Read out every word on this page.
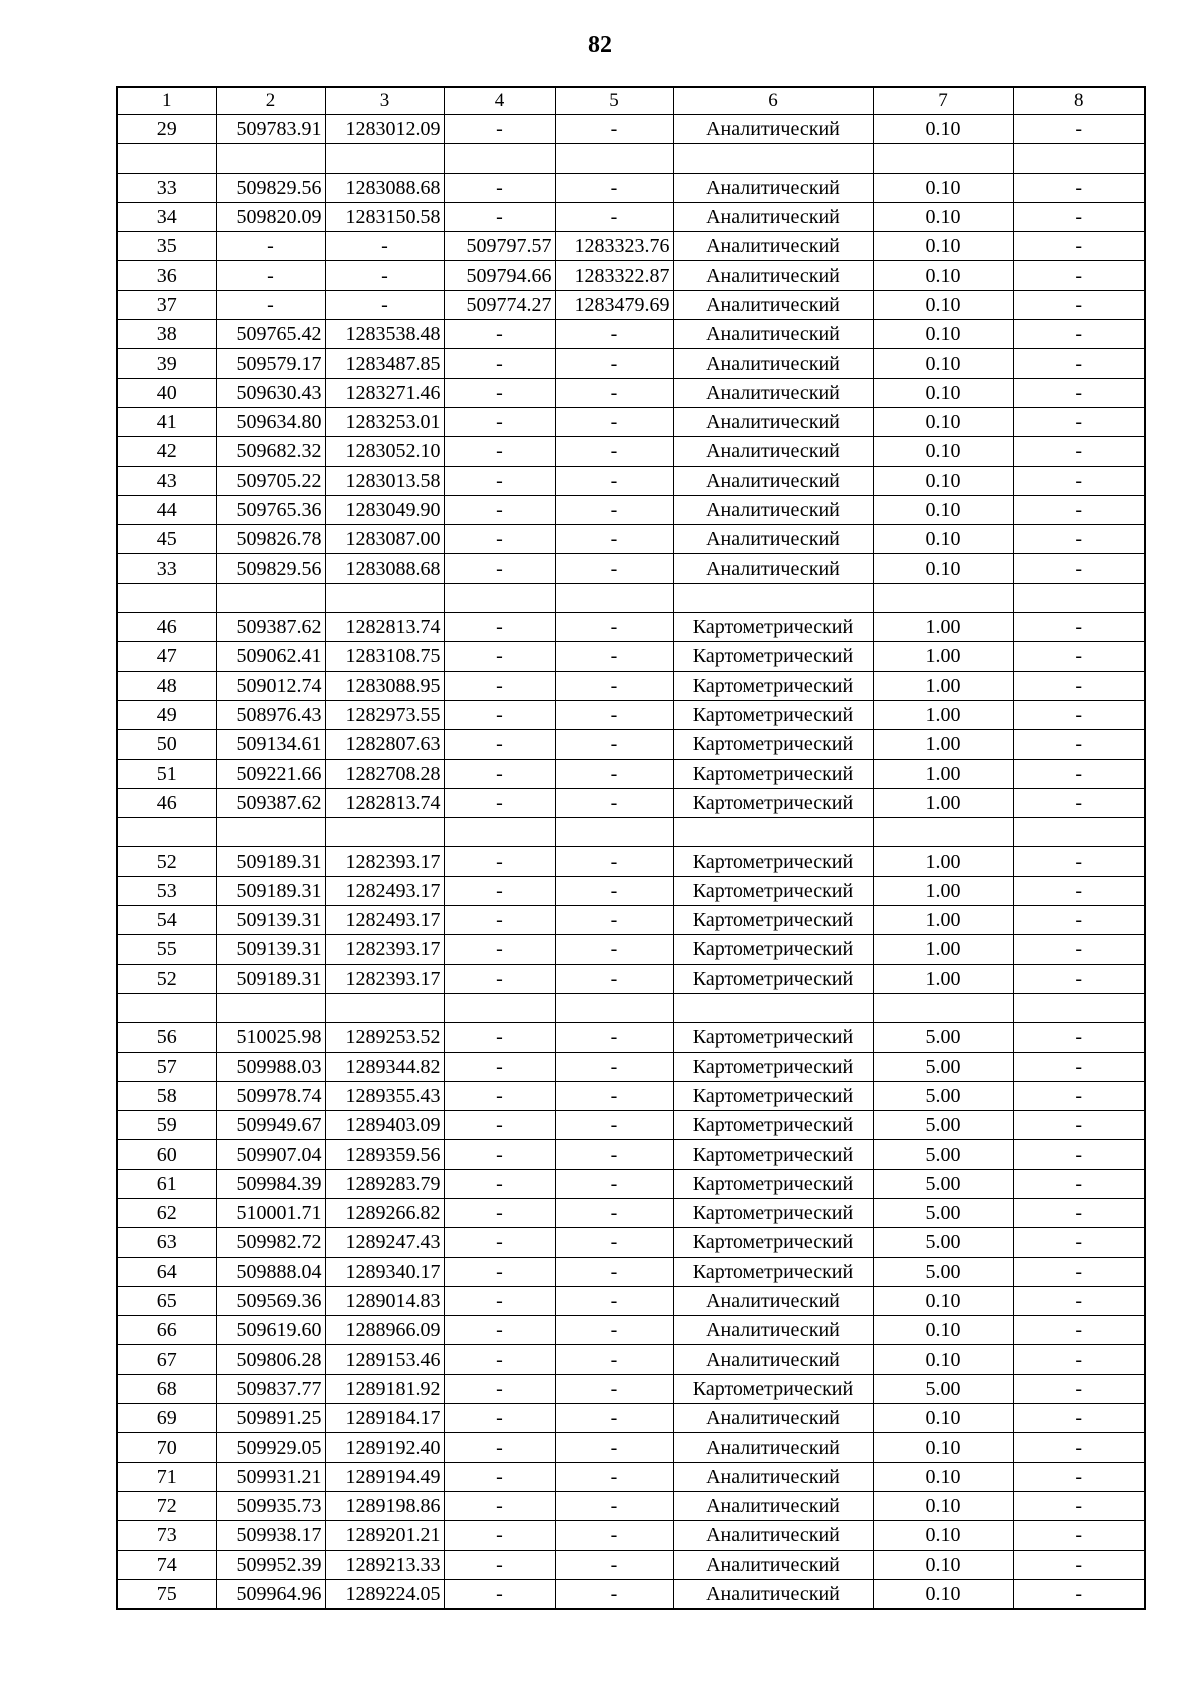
82
1	2	3	4	5	6	7	8
29	509783.91	1283012.09	-	-	Аналитический	0.10	-

33	509829.56	1283088.68	-	-	Аналитический	0.10	-
34	509820.09	1283150.58	-	-	Аналитический	0.10	-
35	-	-	509797.57	1283323.76	Аналитический	0.10	-
36	-	-	509794.66	1283322.87	Аналитический	0.10	-
37	-	-	509774.27	1283479.69	Аналитический	0.10	-
38	509765.42	1283538.48	-	-	Аналитический	0.10	-
39	509579.17	1283487.85	-	-	Аналитический	0.10	-
40	509630.43	1283271.46	-	-	Аналитический	0.10	-
41	509634.80	1283253.01	-	-	Аналитический	0.10	-
42	509682.32	1283052.10	-	-	Аналитический	0.10	-
43	509705.22	1283013.58	-	-	Аналитический	0.10	-
44	509765.36	1283049.90	-	-	Аналитический	0.10	-
45	509826.78	1283087.00	-	-	Аналитический	0.10	-
33	509829.56	1283088.68	-	-	Аналитический	0.10	-

46	509387.62	1282813.74	-	-	Картометрический	1.00	-
47	509062.41	1283108.75	-	-	Картометрический	1.00	-
48	509012.74	1283088.95	-	-	Картометрический	1.00	-
49	508976.43	1282973.55	-	-	Картометрический	1.00	-
50	509134.61	1282807.63	-	-	Картометрический	1.00	-
51	509221.66	1282708.28	-	-	Картометрический	1.00	-
46	509387.62	1282813.74	-	-	Картометрический	1.00	-

52	509189.31	1282393.17	-	-	Картометрический	1.00	-
53	509189.31	1282493.17	-	-	Картометрический	1.00	-
54	509139.31	1282493.17	-	-	Картометрический	1.00	-
55	509139.31	1282393.17	-	-	Картометрический	1.00	-
52	509189.31	1282393.17	-	-	Картометрический	1.00	-

56	510025.98	1289253.52	-	-	Картометрический	5.00	-
57	509988.03	1289344.82	-	-	Картометрический	5.00	-
58	509978.74	1289355.43	-	-	Картометрический	5.00	-
59	509949.67	1289403.09	-	-	Картометрический	5.00	-
60	509907.04	1289359.56	-	-	Картометрический	5.00	-
61	509984.39	1289283.79	-	-	Картометрический	5.00	-
62	510001.71	1289266.82	-	-	Картометрический	5.00	-
63	509982.72	1289247.43	-	-	Картометрический	5.00	-
64	509888.04	1289340.17	-	-	Картометрический	5.00	-
65	509569.36	1289014.83	-	-	Аналитический	0.10	-
66	509619.60	1288966.09	-	-	Аналитический	0.10	-
67	509806.28	1289153.46	-	-	Аналитический	0.10	-
68	509837.77	1289181.92	-	-	Картометрический	5.00	-
69	509891.25	1289184.17	-	-	Аналитический	0.10	-
70	509929.05	1289192.40	-	-	Аналитический	0.10	-
71	509931.21	1289194.49	-	-	Аналитический	0.10	-
72	509935.73	1289198.86	-	-	Аналитический	0.10	-
73	509938.17	1289201.21	-	-	Аналитический	0.10	-
74	509952.39	1289213.33	-	-	Аналитический	0.10	-
75	509964.96	1289224.05	-	-	Аналитический	0.10	-
